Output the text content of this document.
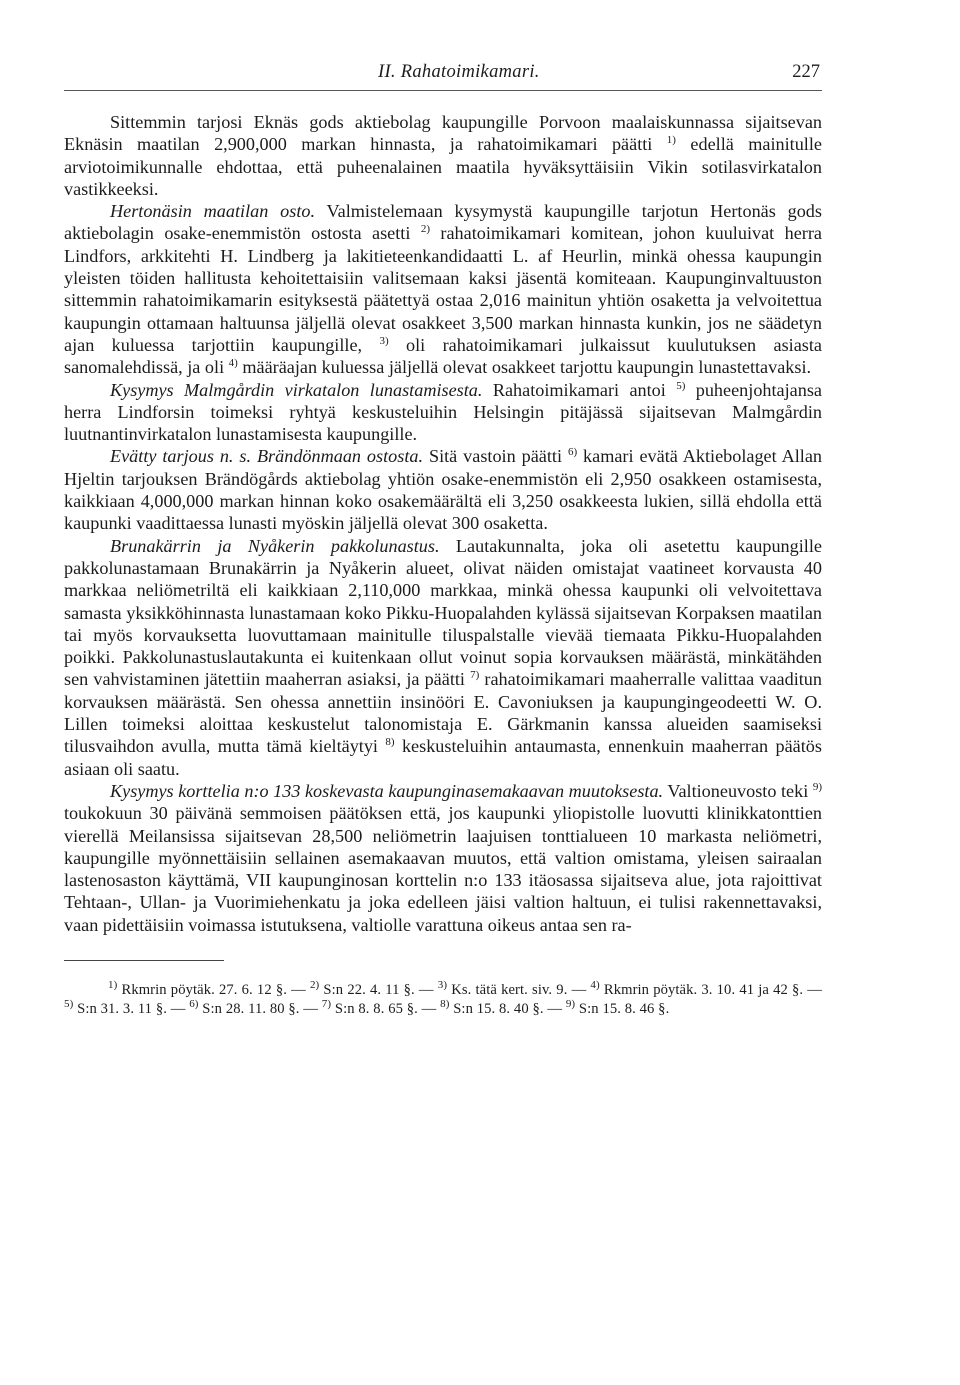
II. Rahatoimikamari.	227

Sittemmin tarjosi Eknäs gods aktiebolag kaupungille Porvoon maalaiskunnassa sijaitsevan Eknäsin maatilan 2,900,000 markan hinnasta, ja rahatoimikamari päätti $^{1)}$ edellä mainitulle arviotoimikunnalle ehdottaa, että puheenalainen maatila hyväksyttäisiin Vikin sotilasvirkatalon vastikkeeksi.

Hertonäsin maatilan osto. Valmistelemaan kysymystä kaupungille tarjotun Hertonäs gods aktiebolagin osake-enemmistön ostosta asetti $^{2)}$ rahatoimikamari komitean, johon kuuluivat herra Lindfors, arkkitehti H. Lindberg ja lakitieteenkandidaatti L. af Heurlin, minkä ohessa kaupungin yleisten töiden hallitusta kehoitettaisiin valitsemaan kaksi jäsentä komiteaan. Kaupunginvaltuuston sittemmin rahatoimikamarin esityksestä päätettyä ostaa 2,016 mainitun yhtiön osaketta ja velvoitettua kaupungin ottamaan haltuunsa jäljellä olevat osakkeet 3,500 markan hinnasta kunkin, jos ne säädetyn ajan kuluessa tarjottiin kaupungille, $^{3)}$ oli rahatoimikamari julkaissut kuulutuksen asiasta sanomalehdissä, ja oli $^{4)}$ määräajan kuluessa jäljellä olevat osakkeet tarjottu kaupungin lunastettavaksi.

Kysymys Malmgårdin virkatalon lunastamisesta. Rahatoimikamari antoi $^{5)}$ puheenjohtajansa herra Lindforsin toimeksi ryhtyä keskusteluihin Helsingin pitäjässä sijaitsevan Malmgårdin luutnantinvirkatalon lunastamisesta kaupungille.

Evätty tarjous n. s. Brändönmaan ostosta. Sitä vastoin päätti $^{6)}$ kamari evätä Aktiebolaget Allan Hjeltin tarjouksen Brändögårds aktiebolag yhtiön osake-enemmistön eli 2,950 osakkeen ostamisesta, kaikkiaan 4,000,000 markan hinnan koko osakemäärältä eli 3,250 osakkeesta lukien, sillä ehdolla että kaupunki vaadittaessa lunasti myöskin jäljellä olevat 300 osaketta.

Brunakärrin ja Nyåkerin pakkolunastus. Lautakunnalta, joka oli asetettu kaupungille pakkolunastamaan Brunakärrin ja Nyåkerin alueet, olivat näiden omistajat vaatineet korvausta 40 markkaa neliömetriltä eli kaikkiaan 2,110,000 markkaa, minkä ohessa kaupunki oli velvoitettava samasta yksikköhinnasta lunastamaan koko Pikku-Huopalahden kylässä sijaitsevan Korpaksen maatilan tai myös korvauksetta luovuttamaan mainitulle tiluspalstalle vievää tiemaata Pikku-Huopalahden poikki. Pakkolunastuslautakunta ei kuitenkaan ollut voinut sopia korvauksen määrästä, minkätähden sen vahvistaminen jätettiin maaherran asiaksi, ja päätti $^{7)}$ rahatoimikamari maaherralle valittaa vaaditun korvauksen määrästä. Sen ohessa annettiin insinööri E. Cavoniuksen ja kaupungingeodeetti W. O. Lillen toimeksi aloittaa keskustelut talonomistaja E. Gärkmanin kanssa alueiden saamiseksi tilusvaihdon avulla, mutta tämä kieltäytyi $^{8)}$ keskusteluihin antaumasta, ennenkuin maaherran päätös asiaan oli saatu.

Kysymys korttelia n:o 133 koskevasta kaupunginasemakaavan muutoksesta. Valtioneuvosto teki $^{9)}$ toukokuun 30 päivänä semmoisen päätöksen että, jos kaupunki yliopistolle luovutti klinikkatonttien vierellä Meilansissa sijaitsevan 28,500 neliömetrin laajuisen tonttialueen 10 markasta neliömetri, kaupungille myönnettäisiin sellainen asemakaavan muutos, että valtion omistama, yleisen sairaalan lastenosaston käyttämä, VII kaupunginosan korttelin n:o 133 itäosassa sijaitseva alue, jota rajoittivat Tehtaan-, Ullan- ja Vuorimiehenkatu ja joka edelleen jäisi valtion haltuun, ei tulisi rakennettavaksi, vaan pidettäisiin voimassa istutuksena, valtiolle varattuna oikeus antaa sen ra-

$^{1)}$ Rkmrin pöytäk. 27. 6. 12 §. — $^{2)}$ S:n 22. 4. 11 §. — $^{3)}$ Ks. tätä kert. siv. 9. — $^{4)}$ Rkmrin pöytäk. 3. 10. 41 ja 42 §. — $^{5)}$ S:n 31. 3. 11 §. — $^{6)}$ S:n 28. 11. 80 §. — $^{7)}$ S:n 8. 8. 65 §. — $^{8)}$ S:n 15. 8. 40 §. — $^{9)}$ S:n 15. 8. 46 §.
